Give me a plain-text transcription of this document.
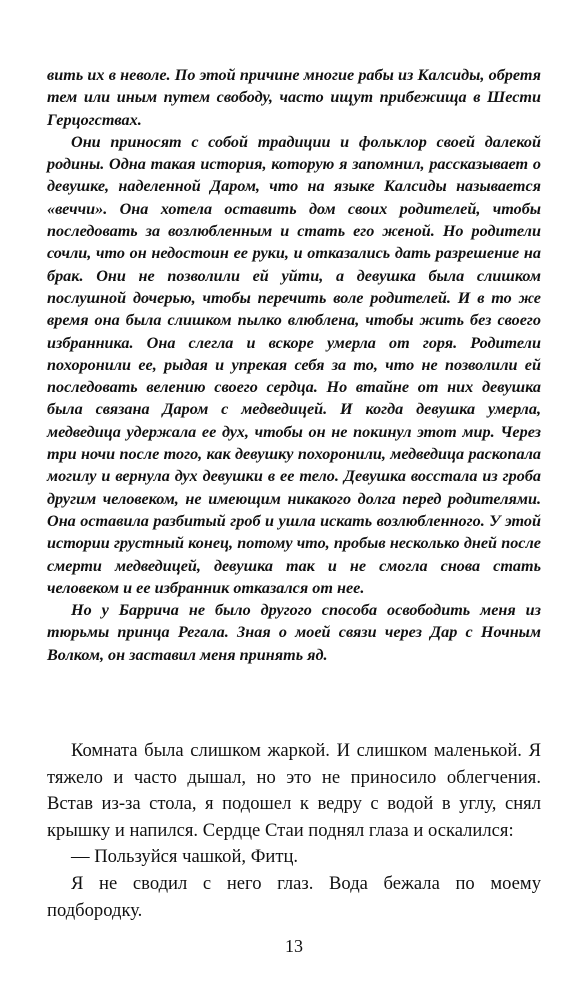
вить их в неволе. По этой причине многие рабы из Калсиды, обретя тем или иным путем свободу, часто ищут прибежища в Шести Герцогствах.

Они приносят с собой традиции и фольклор своей далекой родины. Одна такая история, которую я запомнил, рассказывает о девушке, наделенной Даром, что на языке Калсиды называется «веччи». Она хотела оставить дом своих родителей, чтобы последовать за возлюбленным и стать его женой. Но родители сочли, что он недостоин ее руки, и отказались дать разрешение на брак. Они не позволили ей уйти, а девушка была слишком послушной дочерью, чтобы перечить воле родителей. И в то же время она была слишком пылко влюблена, чтобы жить без своего избранника. Она слегла и вскоре умерла от горя. Родители похоронили ее, рыдая и упрекая себя за то, что не позволили ей последовать велению своего сердца. Но втайне от них девушка была связана Даром с медведицей. И когда девушка умерла, медведица удержала ее дух, чтобы он не покинул этот мир. Через три ночи после того, как девушку похоронили, медведица раскопала могилу и вернула дух девушки в ее тело. Девушка восстала из гроба другим человеком, не имеющим никакого долга перед родителями. Она оставила разбитый гроб и ушла искать возлюбленного. У этой истории грустный конец, потому что, пробыв несколько дней после смерти медведицей, девушка так и не смогла снова стать человеком и ее избранник отказался от нее.

Но у Баррича не было другого способа освободить меня из тюрьмы принца Регала. Зная о моей связи через Дар с Ночным Волком, он заставил меня принять яд.

Комната была слишком жаркой. И слишком маленькой. Я тяжело и часто дышал, но это не приносило облегчения. Встав из-за стола, я подошел к ведру с водой в углу, снял крышку и напился. Сердце Стаи поднял глаза и оскалился:

— Пользуйся чашкой, Фитц.

Я не сводил с него глаз. Вода бежала по моему подбородку.

13
